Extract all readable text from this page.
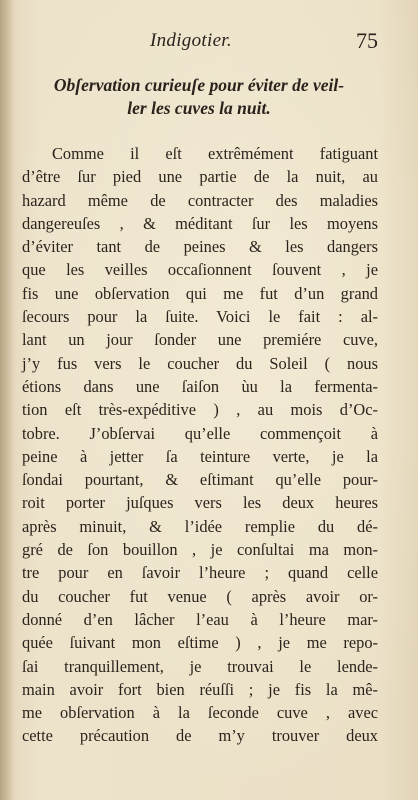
Indigotier.	75
Obſervation curieuſe pour éviter de veil-
ler les cuves la nuit.
Comme il eſt extrêmément fatiguant
d’être ſur pied une partie de la nuit, au
hazard même de contracter des maladies
dangereuſes , & méditant ſur les moyens
d’éviter tant de peines & les dangers
que les veilles occaſionnent ſouvent , je
fis une obſervation qui me fut d’un grand
ſecours pour la ſuite. Voici le fait : al-
lant un jour ſonder une premiére cuve,
j’y fus vers le coucher du Soleil ( nous
étions dans une ſaiſon ùu la fermenta-
tion eſt très-expéditive ) , au mois d’Oc-
tobre. J’obſervai qu’elle commençoit à
peine à jetter ſa teinture verte, je la
ſondai pourtant, & eſtimant qu’elle pour-
roit porter juſques vers les deux heures
après minuit, & l’idée remplie du dé-
gré de ſon bouillon , je conſultai ma mon-
tre pour en ſavoir l’heure ; quand celle
du coucher fut venue ( après avoir or-
donné d’en lâcher l’eau à l’heure mar-
quée ſuivant mon eſtime ) , je me repo-
ſai tranquillement, je trouvai le lende-
main avoir fort bien réuſſi ; je fis la mê-
me obſervation à la ſeconde cuve , avec
cette précaution de m’y trouver deux
